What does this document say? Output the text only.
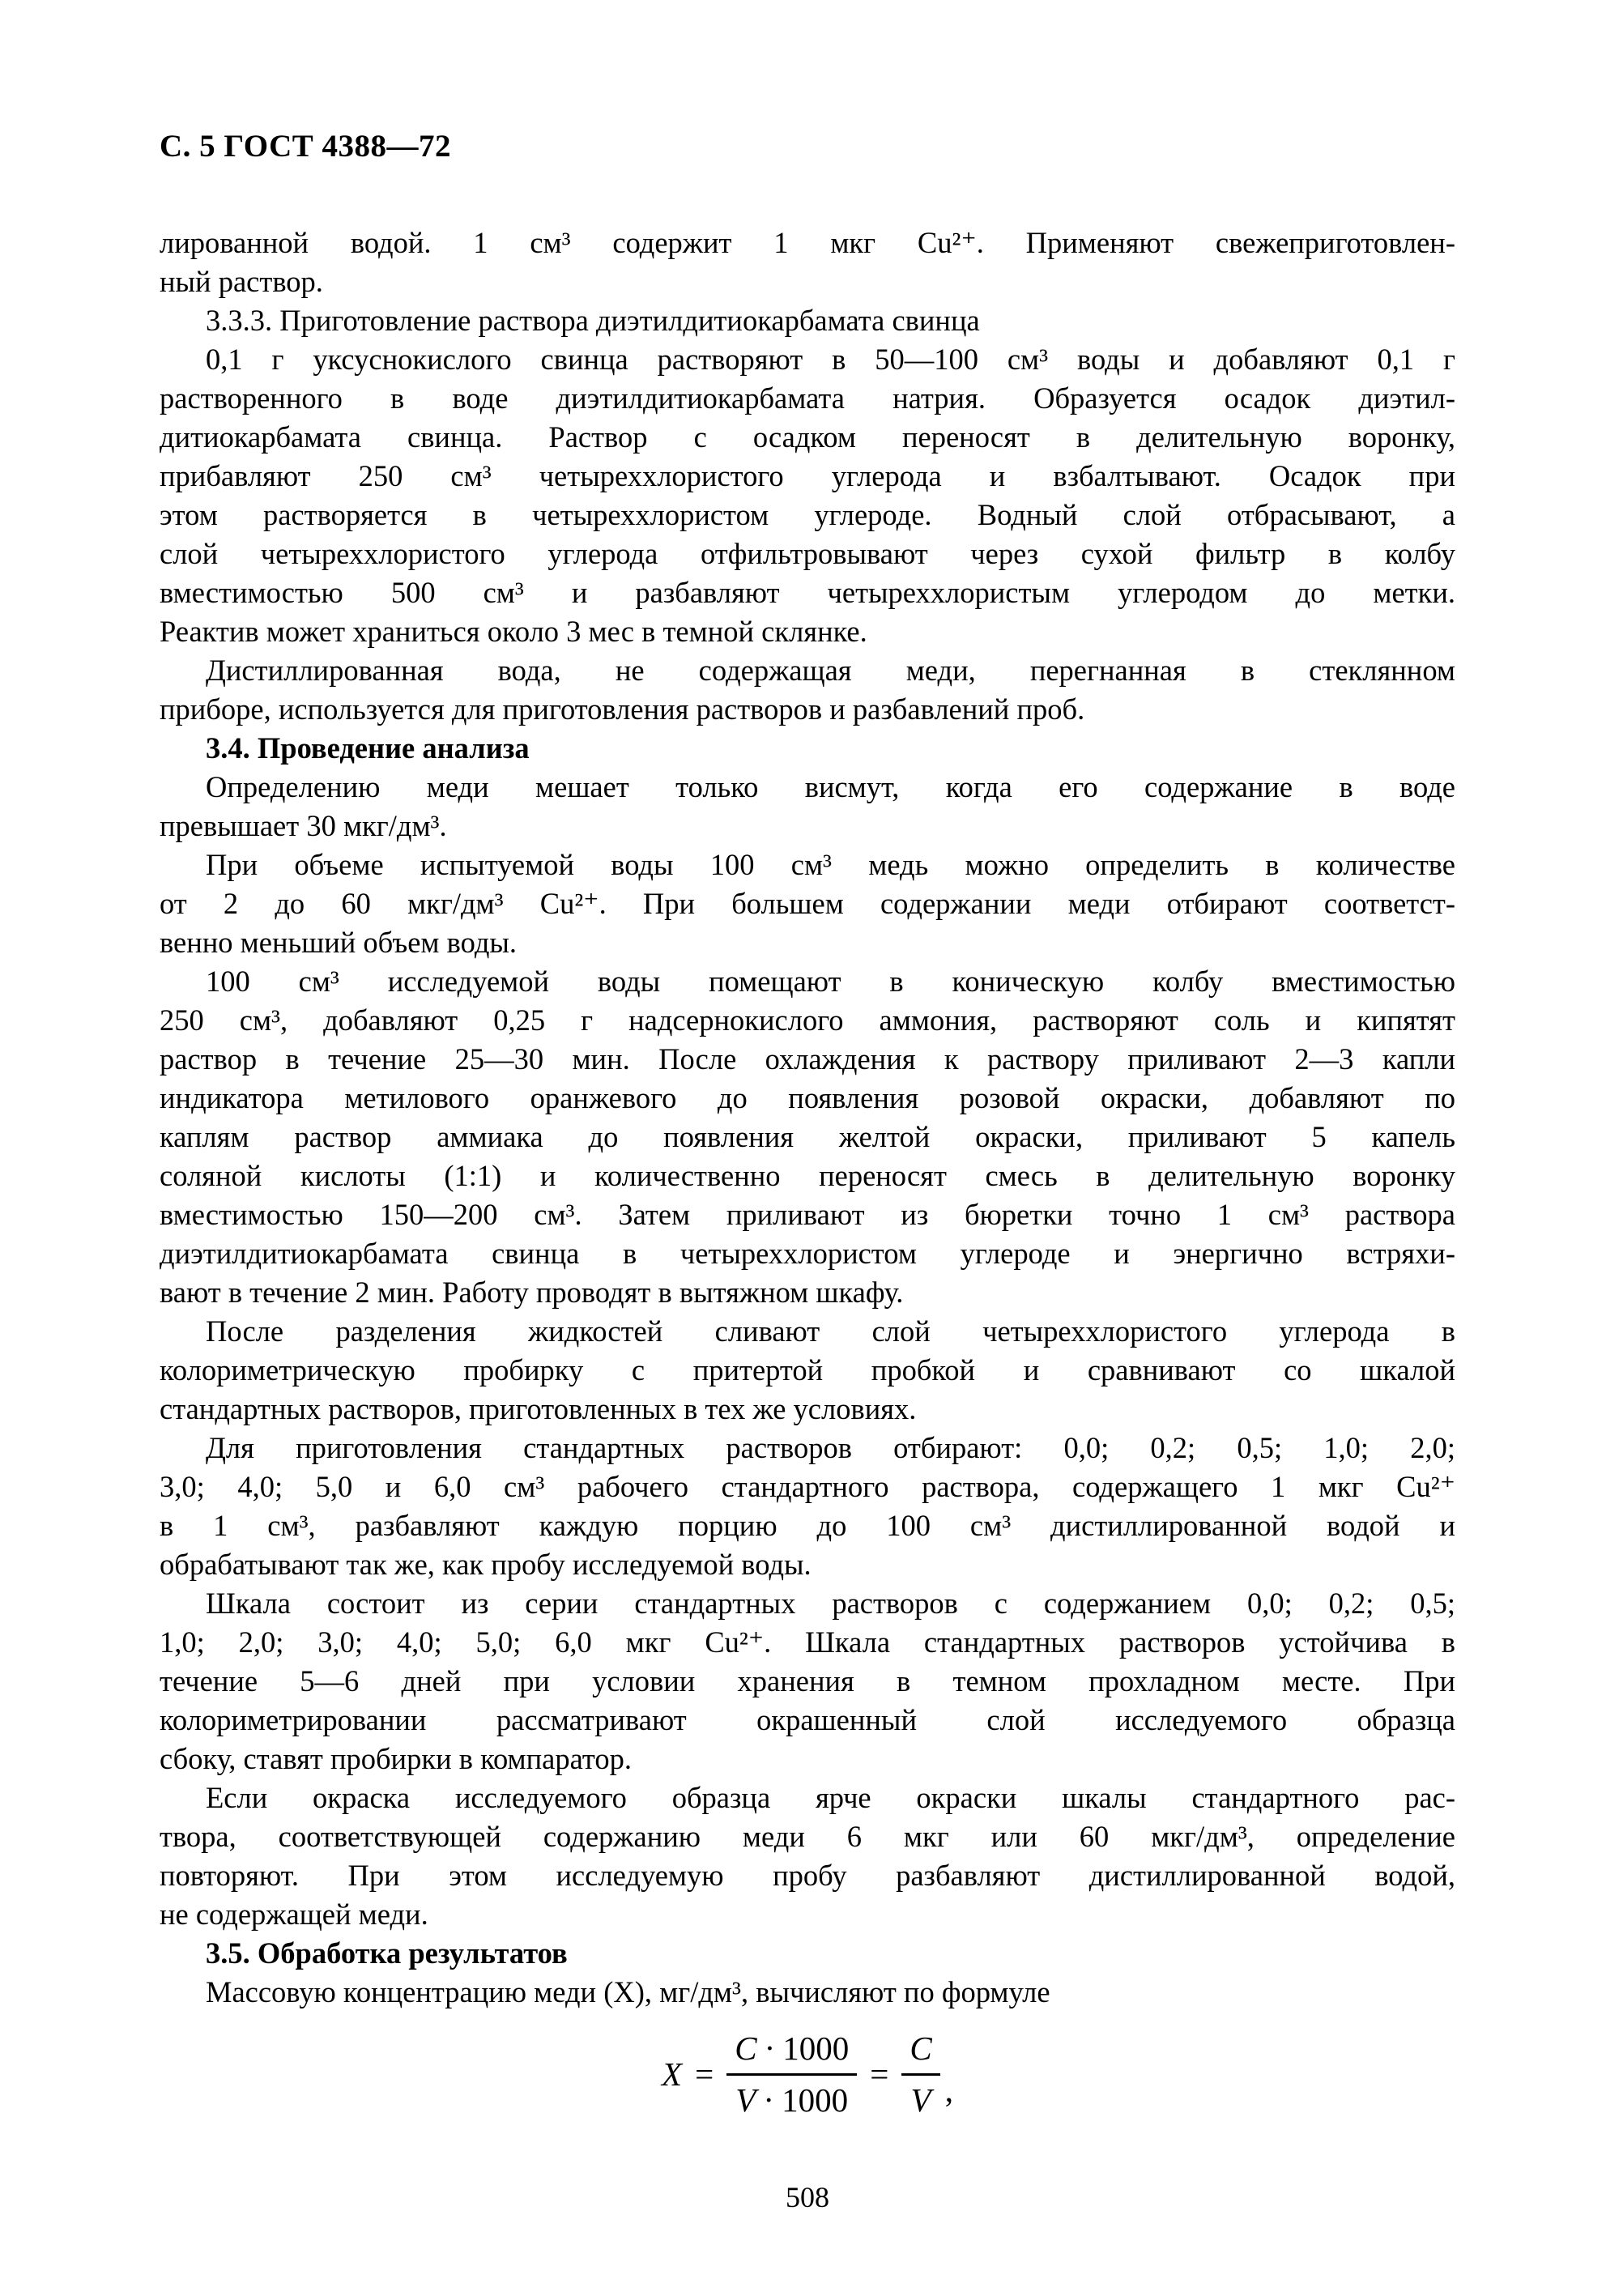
С. 5 ГОСТ 4388—72
лированной водой. 1 см³ содержит 1 мкг Cu²⁺. Применяют свежеприготовлен-
ный раствор.
3.3.3. Приготовление раствора диэтилдитиокарбамата свинца
0,1 г уксуснокислого свинца растворяют в 50—100 см³ воды и добавляют 0,1 г
растворенного в воде диэтилдитиокарбамата натрия. Образуется осадок диэтил-
дитиокарбамата свинца. Раствор с осадком переносят в делительную воронку,
прибавляют 250 см³ четыреххлористого углерода и взбалтывают. Осадок при
этом растворяется в четыреххлористом углероде. Водный слой отбрасывают, а
слой четыреххлористого углерода отфильтровывают через сухой фильтр в колбу
вместимостью 500 см³ и разбавляют четыреххлористым углеродом до метки.
Реактив может храниться около 3 мес в темной склянке.
Дистиллированная вода, не содержащая меди, перегнанная в стеклянном
приборе, используется для приготовления растворов и разбавлений проб.
3.4. Проведение анализа
Определению меди мешает только висмут, когда его содержание в воде
превышает 30 мкг/дм³.
При объеме испытуемой воды 100 см³ медь можно определить в количестве
от 2 до 60 мкг/дм³ Cu²⁺. При большем содержании меди отбирают соответст-
венно меньший объем воды.
100 см³ исследуемой воды помещают в коническую колбу вместимостью
250 см³, добавляют 0,25 г надсернокислого аммония, растворяют соль и кипятят
раствор в течение 25—30 мин. После охлаждения к раствору приливают 2—3 капли
индикатора метилового оранжевого до появления розовой окраски, добавляют по
каплям раствор аммиака до появления желтой окраски, приливают 5 капель
соляной кислоты (1:1) и количественно переносят смесь в делительную воронку
вместимостью 150—200 см³. Затем приливают из бюретки точно 1 см³ раствора
диэтилдитиокарбамата свинца в четыреххлористом углероде и энергично встряхи-
вают в течение 2 мин. Работу проводят в вытяжном шкафу.
После разделения жидкостей сливают слой четыреххлористого углерода в
колориметрическую пробирку с притертой пробкой и сравнивают со шкалой
стандартных растворов, приготовленных в тех же условиях.
Для приготовления стандартных растворов отбирают: 0,0; 0,2; 0,5; 1,0; 2,0;
3,0; 4,0; 5,0 и 6,0 см³ рабочего стандартного раствора, содержащего 1 мкг Cu²⁺
в 1 см³, разбавляют каждую порцию до 100 см³ дистиллированной водой и
обрабатывают так же, как пробу исследуемой воды.
Шкала состоит из серии стандартных растворов с содержанием 0,0; 0,2; 0,5;
1,0; 2,0; 3,0; 4,0; 5,0; 6,0 мкг Cu²⁺. Шкала стандартных растворов устойчива в
течение 5—6 дней при условии хранения в темном прохладном месте. При
колориметрировании рассматривают окрашенный слой исследуемого образца
сбоку, ставят пробирки в компаратор.
Если окраска исследуемого образца ярче окраски шкалы стандартного рас-
твора, соответствующей содержанию меди 6 мкг или 60 мкг/дм³, определение
повторяют. При этом исследуемую пробу разбавляют дистиллированной водой,
не содержащей меди.
3.5. Обработка результатов
Массовую концентрацию меди (X), мг/дм³, вычисляют по формуле
$X = \frac{C \cdot 1000}{V \cdot 1000} = \frac{C}{V}$ ,
508
